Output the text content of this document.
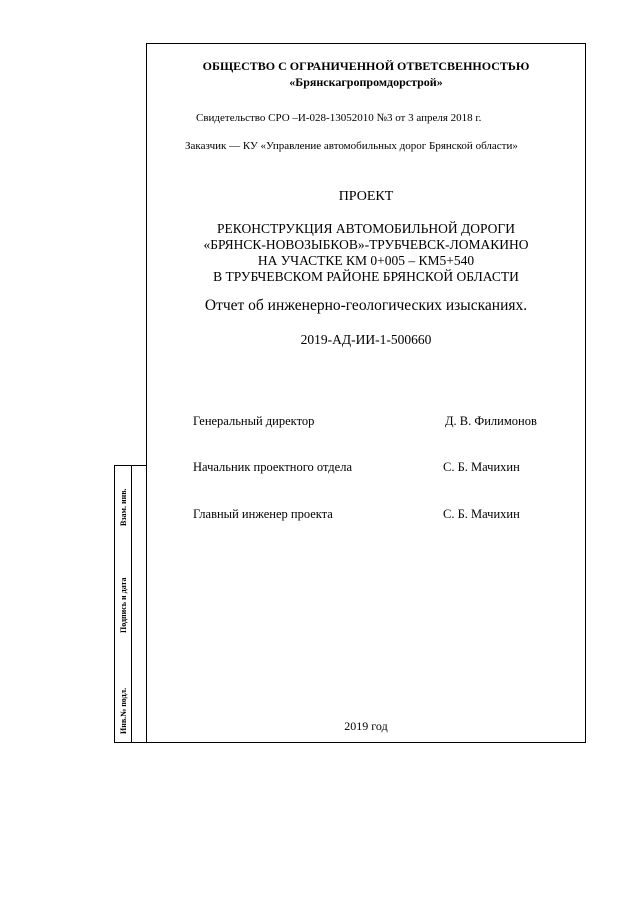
Взам. инв.
Подпись и дата
Инв.№ подл.
ОБЩЕСТВО С ОГРАНИЧЕННОЙ ОТВЕТСВЕННОСТЬЮ
«Брянскагропромдорстрой»
Свидетельство СРО –И-028-13052010 №3 от 3 апреля 2018 г.
Заказчик — КУ «Управление автомобильных дорог Брянской области»
ПРОЕКТ
РЕКОНСТРУКЦИЯ АВТОМОБИЛЬНОЙ ДОРОГИ
«БРЯНСК-НОВОЗЫБКОВ»-ТРУБЧЕВСК-ЛОМАКИНО
НА УЧАСТКЕ КМ 0+005 – КМ5+540
В ТРУБЧЕВСКОМ РАЙОНЕ БРЯНСКОЙ ОБЛАСТИ
Отчет об инженерно-геологических изысканиях.
2019-АД-ИИ-1-500660
Генеральный директор	Д. В. Филимонов
Начальник проектного отдела	С. Б. Мачихин
Главный инженер проекта	С. Б. Мачихин
2019 год
